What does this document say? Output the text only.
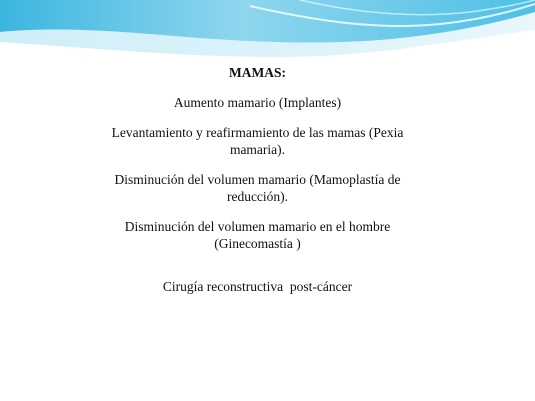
MAMAS:
Aumento mamario (Implantes)
Levantamiento y reafirmamiento de las mamas (Pexia
mamaria).
Disminución del volumen mamario (Mamoplastía de
reducción).
Disminución del volumen mamario en el hombre
(Ginecomastía )
Cirugía reconstructiva  post-cáncer
